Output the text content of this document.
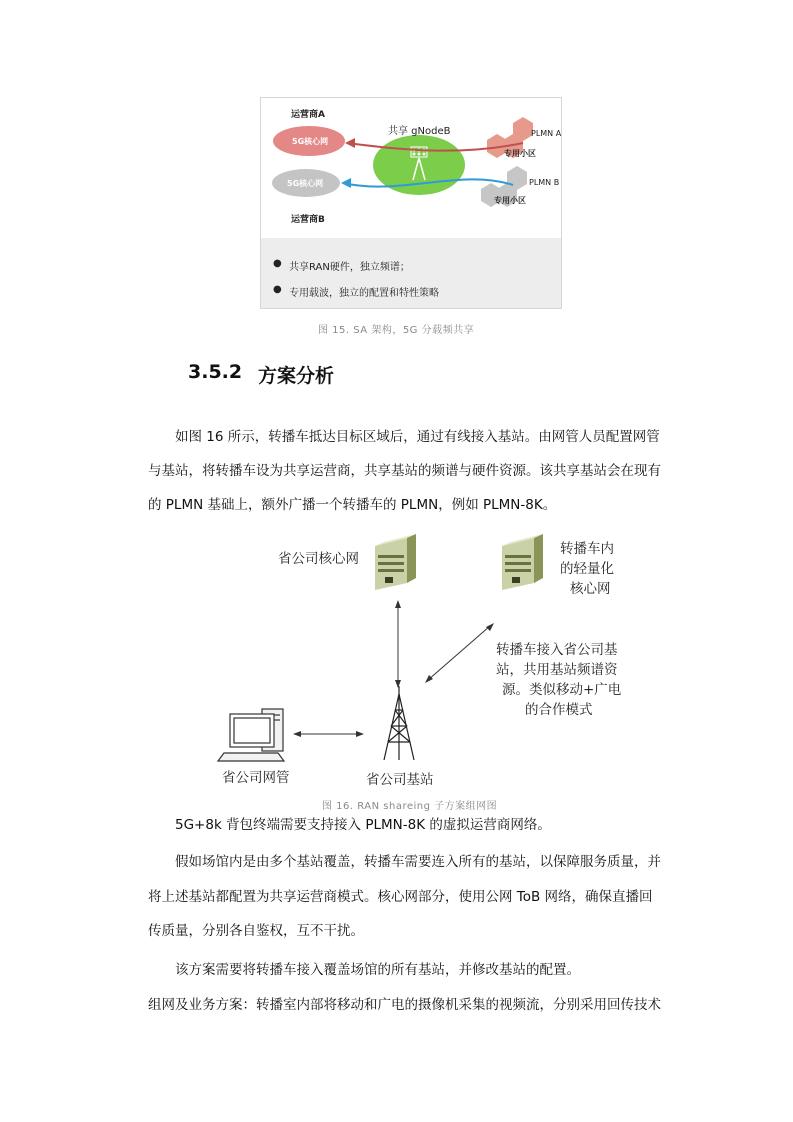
运营商A
5G核心网
5G核心网
运营商B
共享 gNodeB	PLMN A
专用小区
PLMN B
专用小区
● 共享RAN硬件，独立频谱；
● 专用载波，独立的配置和特性策略
图 15. SA 架构，5G 分载频共享
3.5.2 方案分析
如图 16 所示，转播车抵达目标区域后，通过有线接入基站。由网管人员配置网管
与基站，将转播车设为共享运营商，共享基站的频谱与硬件资源。该共享基站会在现有
的 PLMN 基础上，额外广播一个转播车的 PLMN，例如 PLMN-8K。
省公司核心网
转播车内
的轻量化
核心网
转播车接入省公司基
站，共用基站频谱资
源。类似移动+广电
的合作模式
省公司网管	省公司基站
图 16. RAN shareing 子方案组网图
5G+8k 背包终端需要支持接入 PLMN-8K 的虚拟运营商网络。
假如场馆内是由多个基站覆盖，转播车需要连入所有的基站，以保障服务质量，并
将上述基站都配置为共享运营商模式。核心网部分，使用公网 ToB 网络，确保直播回
传质量，分别各自鉴权，互不干扰。
该方案需要将转播车接入覆盖场馆的所有基站，并修改基站的配置。
组网及业务方案：转播室内部将移动和广电的摄像机采集的视频流，分别采用回传技术
